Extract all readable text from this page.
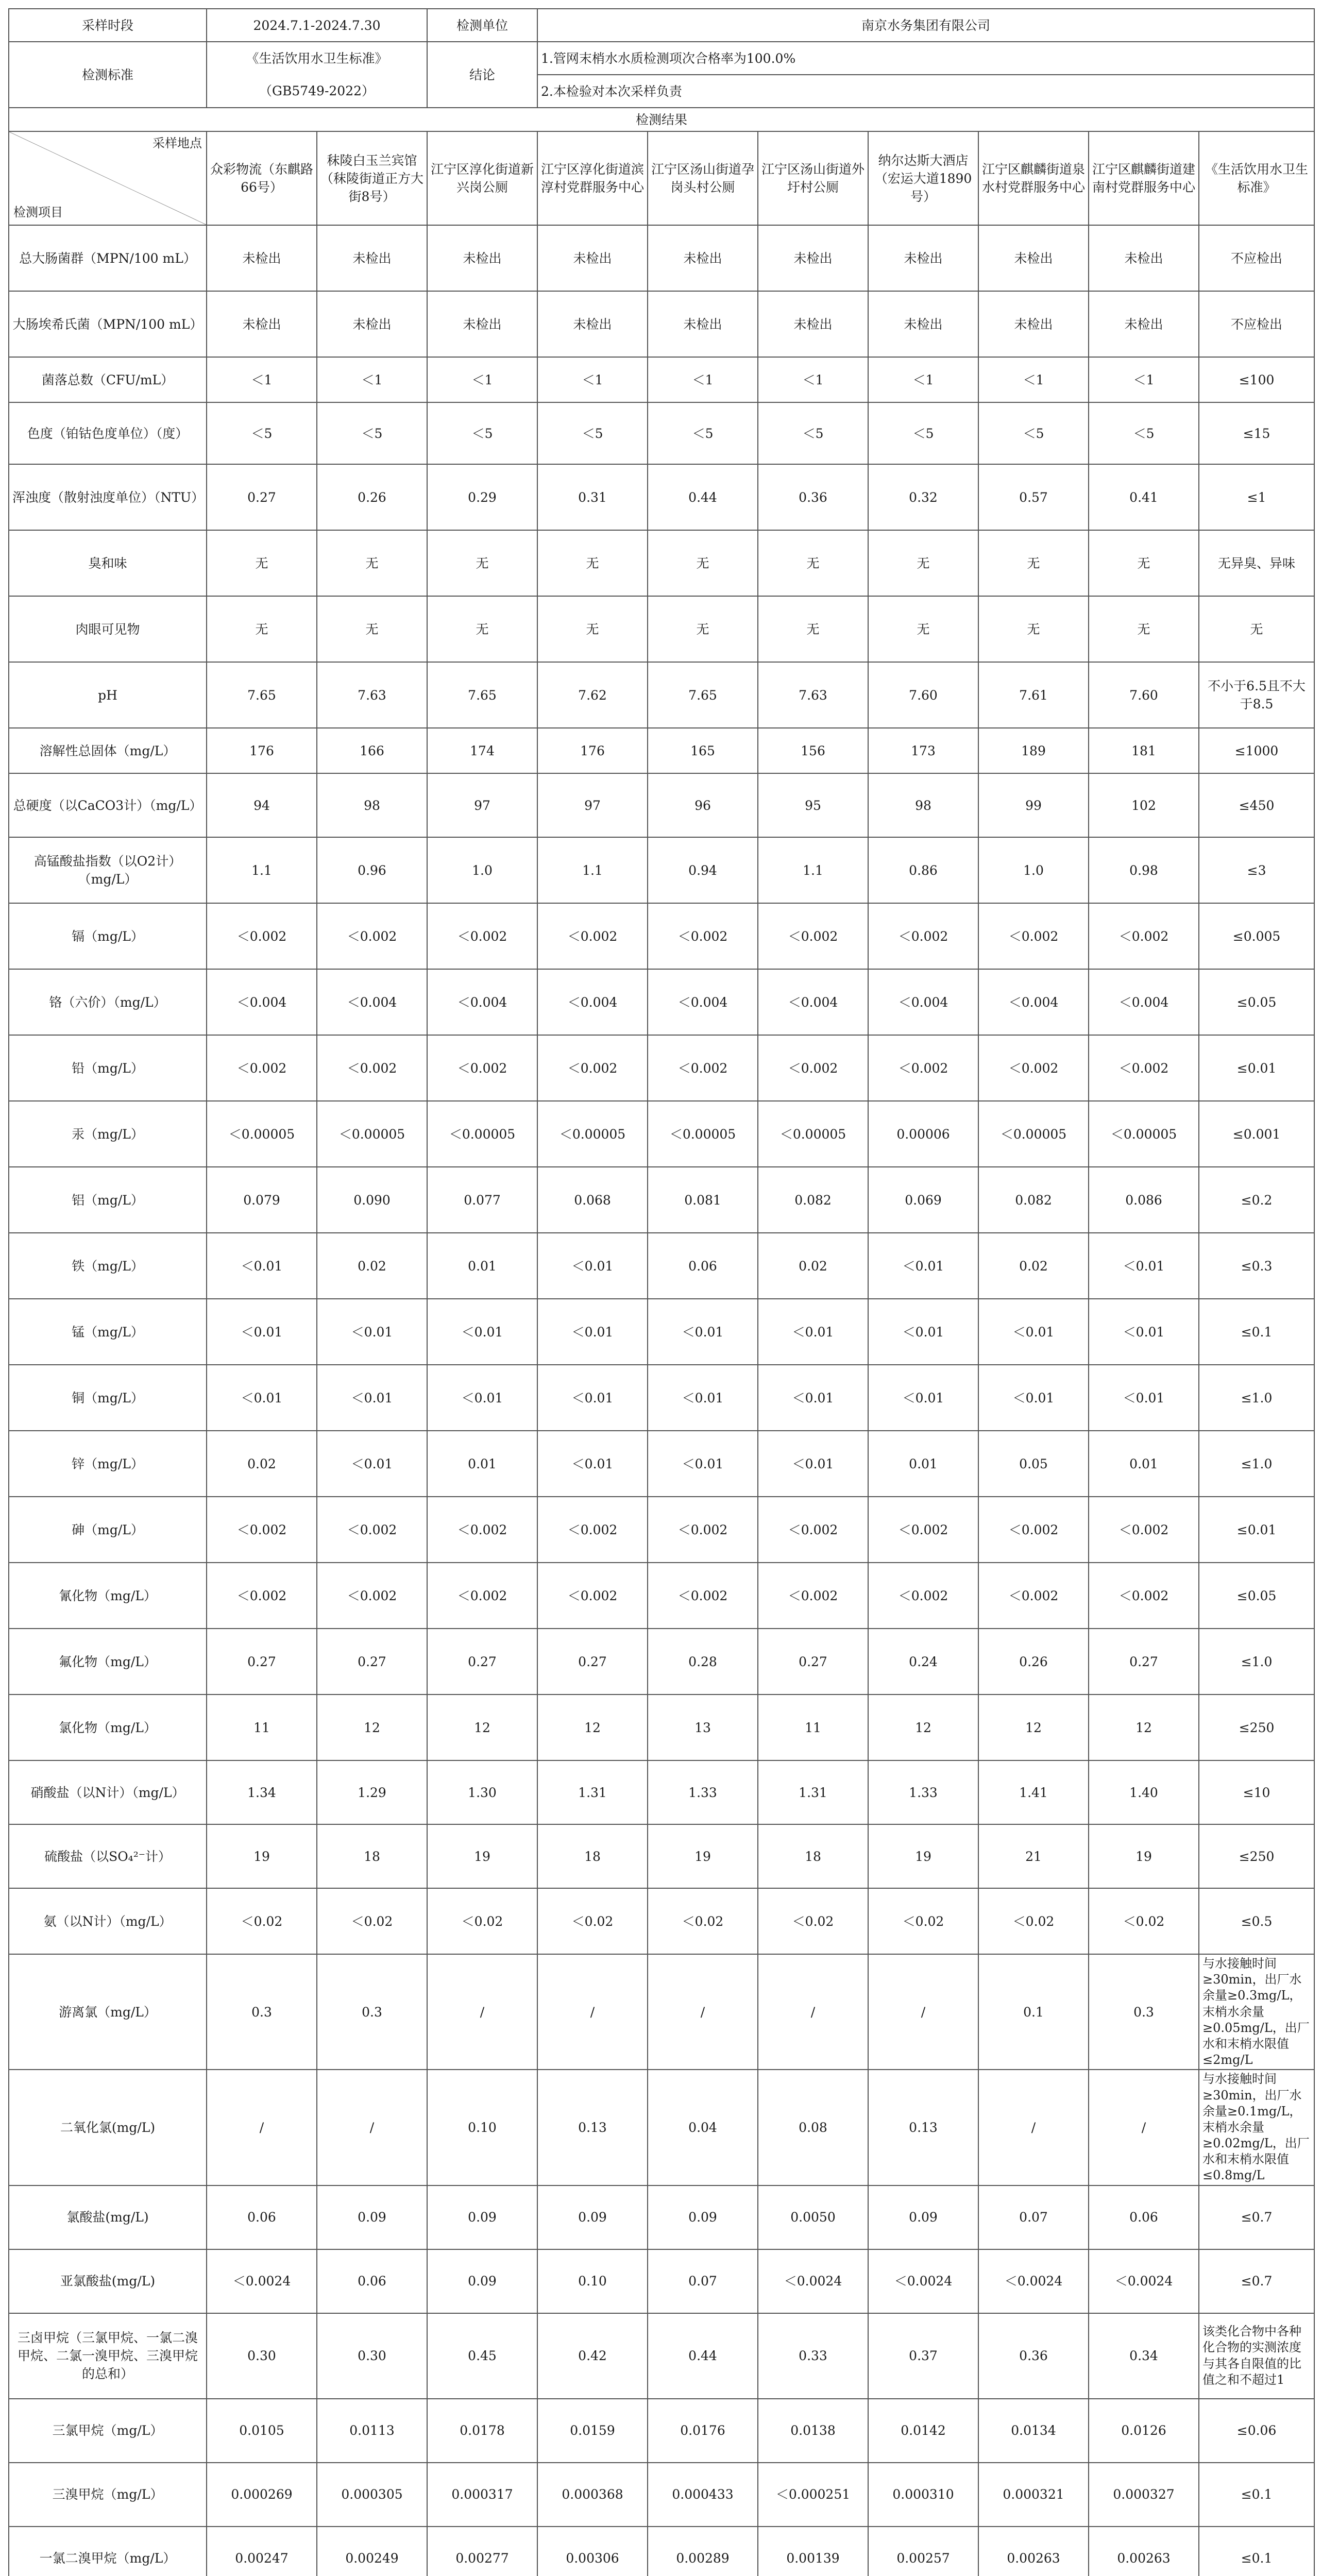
采样时段	2024.7.1-2024.7.30		检测单位	南京水务集团有限公司						
检测标准	《生活饮用水卫生标准》		结论	1.管网末梢水水质检测项次合格率为100.0%						
	（GB5749-2022）			2.本检验对本次采样负责						
检测结果										

采样地点
检测项目	众彩物流（东麒路66号）	秣陵白玉兰宾馆（秣陵街道正方大街8号）	江宁区淳化街道新兴岗公厕	江宁区淳化街道滨淳村党群服务中心	江宁区汤山街道孕岗头村公厕	江宁区汤山街道外圩村公厕	纳尔达斯大酒店（宏运大道1890号）	江宁区麒麟街道泉水村党群服务中心	江宁区麒麟街道建南村党群服务中心	《生活饮用水卫生标准》
总大肠菌群（MPN/100 mL）	未检出	未检出	未检出	未检出	未检出	未检出	未检出	未检出	未检出	不应检出
大肠埃希氏菌（MPN/100 mL）	未检出	未检出	未检出	未检出	未检出	未检出	未检出	未检出	未检出	不应检出
菌落总数（CFU/mL）	＜1	＜1	＜1	＜1	＜1	＜1	＜1	＜1	＜1	≤100
色度（铂钴色度单位）（度）	＜5	＜5	＜5	＜5	＜5	＜5	＜5	＜5	＜5	≤15
浑浊度（散射浊度单位）（NTU）	0.27	0.26	0.29	0.31	0.44	0.36	0.32	0.57	0.41	≤1
臭和味	无	无	无	无	无	无	无	无	无	无异臭、异味
肉眼可见物	无	无	无	无	无	无	无	无	无	无
pH	7.65	7.63	7.65	7.62	7.65	7.63	7.60	7.61	7.60	不小于6.5且不大于8.5
溶解性总固体（mg/L）	176	166	174	176	165	156	173	189	181	≤1000
总硬度（以CaCO3计）（mg/L）	94	98	97	97	96	95	98	99	102	≤450
高锰酸盐指数（以O2计）（mg/L）	1.1	0.96	1.0	1.1	0.94	1.1	0.86	1.0	0.98	≤3
镉（mg/L）	＜0.002	＜0.002	＜0.002	＜0.002	＜0.002	＜0.002	＜0.002	＜0.002	＜0.002	≤0.005
铬（六价）（mg/L）	＜0.004	＜0.004	＜0.004	＜0.004	＜0.004	＜0.004	＜0.004	＜0.004	＜0.004	≤0.05
铅（mg/L）	＜0.002	＜0.002	＜0.002	＜0.002	＜0.002	＜0.002	＜0.002	＜0.002	＜0.002	≤0.01
汞（mg/L）	＜0.00005	＜0.00005	＜0.00005	＜0.00005	＜0.00005	＜0.00005	0.00006	＜0.00005	＜0.00005	≤0.001
铝（mg/L）	0.079	0.090	0.077	0.068	0.081	0.082	0.069	0.082	0.086	≤0.2
铁（mg/L）	＜0.01	0.02	0.01	＜0.01	0.06	0.02	＜0.01	0.02	＜0.01	≤0.3
锰（mg/L）	＜0.01	＜0.01	＜0.01	＜0.01	＜0.01	＜0.01	＜0.01	＜0.01	＜0.01	≤0.1
铜（mg/L）	＜0.01	＜0.01	＜0.01	＜0.01	＜0.01	＜0.01	＜0.01	＜0.01	＜0.01	≤1.0
锌（mg/L）	0.02	＜0.01	0.01	＜0.01	＜0.01	＜0.01	0.01	0.05	0.01	≤1.0
砷（mg/L）	＜0.002	＜0.002	＜0.002	＜0.002	＜0.002	＜0.002	＜0.002	＜0.002	＜0.002	≤0.01
氰化物（mg/L）	＜0.002	＜0.002	＜0.002	＜0.002	＜0.002	＜0.002	＜0.002	＜0.002	＜0.002	≤0.05
氟化物（mg/L）	0.27	0.27	0.27	0.27	0.28	0.27	0.24	0.26	0.27	≤1.0
氯化物（mg/L）	11	12	12	12	13	11	12	12	12	≤250
硝酸盐（以N计）（mg/L）	1.34	1.29	1.30	1.31	1.33	1.31	1.33	1.41	1.40	≤10
硫酸盐（以SO₄²⁻计）	19	18	19	18	19	18	19	21	19	≤250
氨（以N计）（mg/L）	＜0.02	＜0.02	＜0.02	＜0.02	＜0.02	＜0.02	＜0.02	＜0.02	＜0.02	≤0.5
游离氯（mg/L）	0.3	0.3	/	/	/	/	/	0.1	0.3	与水接触时间≥30min，出厂水余量≥0.3mg/L，末梢水余量≥0.05mg/L，出厂水和末梢水限值≤2mg/L
二氧化氯(mg/L)	/	/	0.10	0.13	0.04	0.08	0.13	/	/	与水接触时间≥30min，出厂水余量≥0.1mg/L，末梢水余量≥0.02mg/L，出厂水和末梢水限值≤0.8mg/L
氯酸盐(mg/L)	0.06	0.09	0.09	0.09	0.09	0.0050	0.09	0.07	0.06	≤0.7
亚氯酸盐(mg/L)	＜0.0024	0.06	0.09	0.10	0.07	＜0.0024	＜0.0024	＜0.0024	＜0.0024	≤0.7
三卤甲烷（三氯甲烷、一氯二溴甲烷、二氯一溴甲烷、三溴甲烷的总和）	0.30	0.30	0.45	0.42	0.44	0.33	0.37	0.36	0.34	该类化合物中各种化合物的实测浓度与其各自限值的比值之和不超过1
三氯甲烷（mg/L）	0.0105	0.0113	0.0178	0.0159	0.0176	0.0138	0.0142	0.0134	0.0126	≤0.06
三溴甲烷（mg/L）	0.000269	0.000305	0.000317	0.000368	0.000433	＜0.000251	0.000310	0.000321	0.000327	≤0.1
一氯二溴甲烷（mg/L）	0.00247	0.00249	0.00277	0.00306	0.00289	0.00139	0.00257	0.00263	0.00263	≤0.1
